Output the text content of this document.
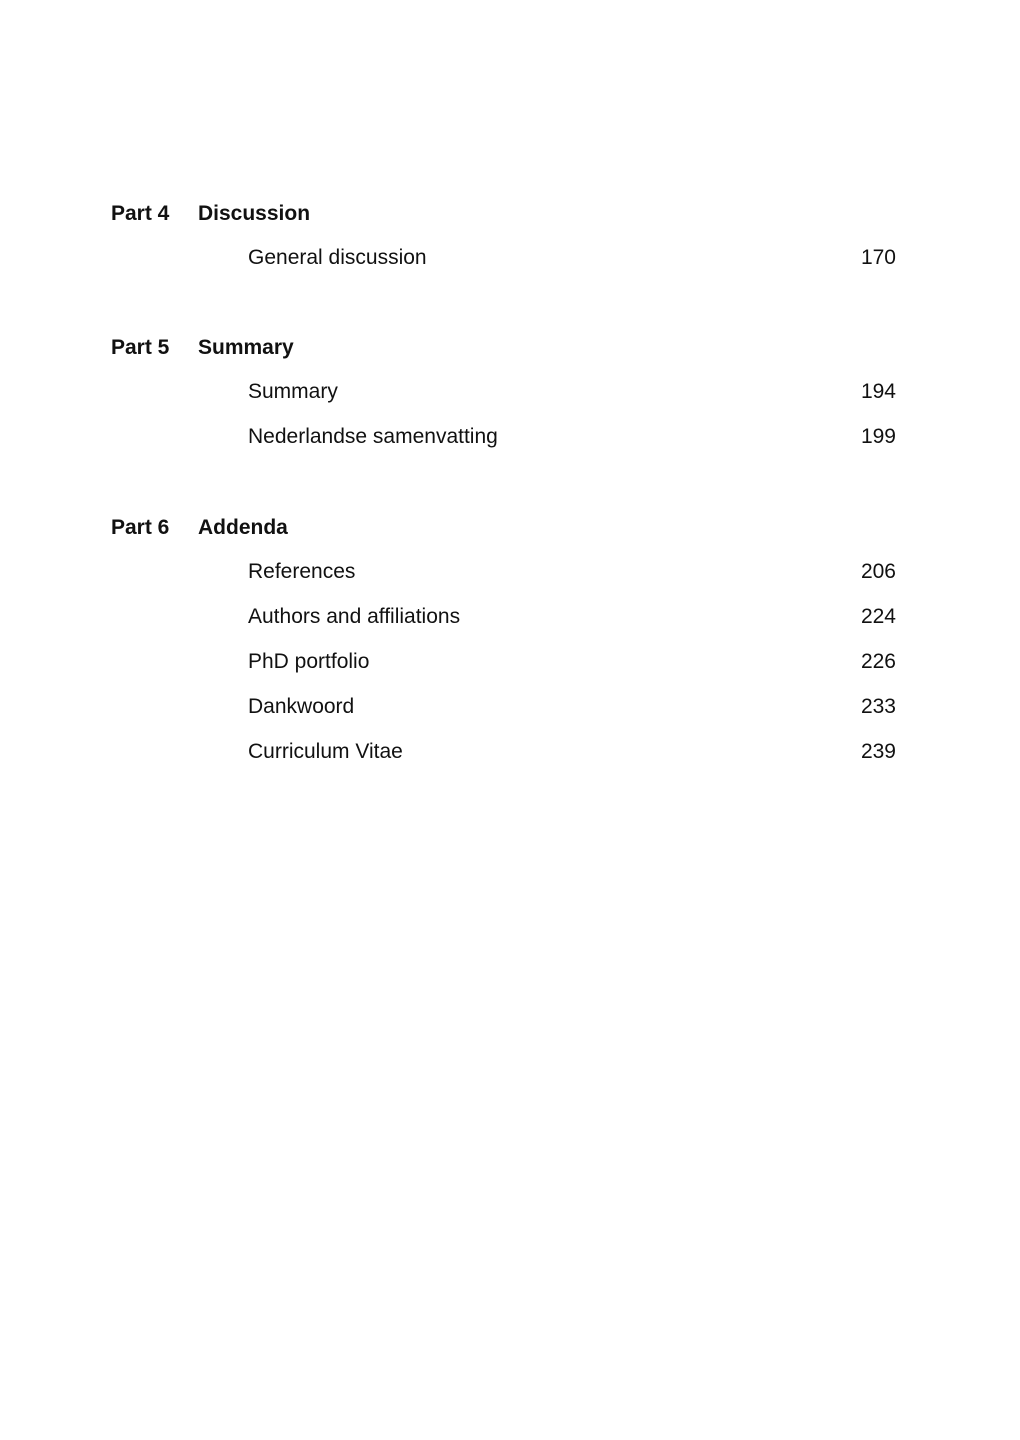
Part 4 Discussion
General discussion	170
Part 5 Summary
Summary	194
Nederlandse samenvatting	199
Part 6 Addenda
References	206
Authors and affiliations	224
PhD portfolio	226
Dankwoord	233
Curriculum Vitae	239
